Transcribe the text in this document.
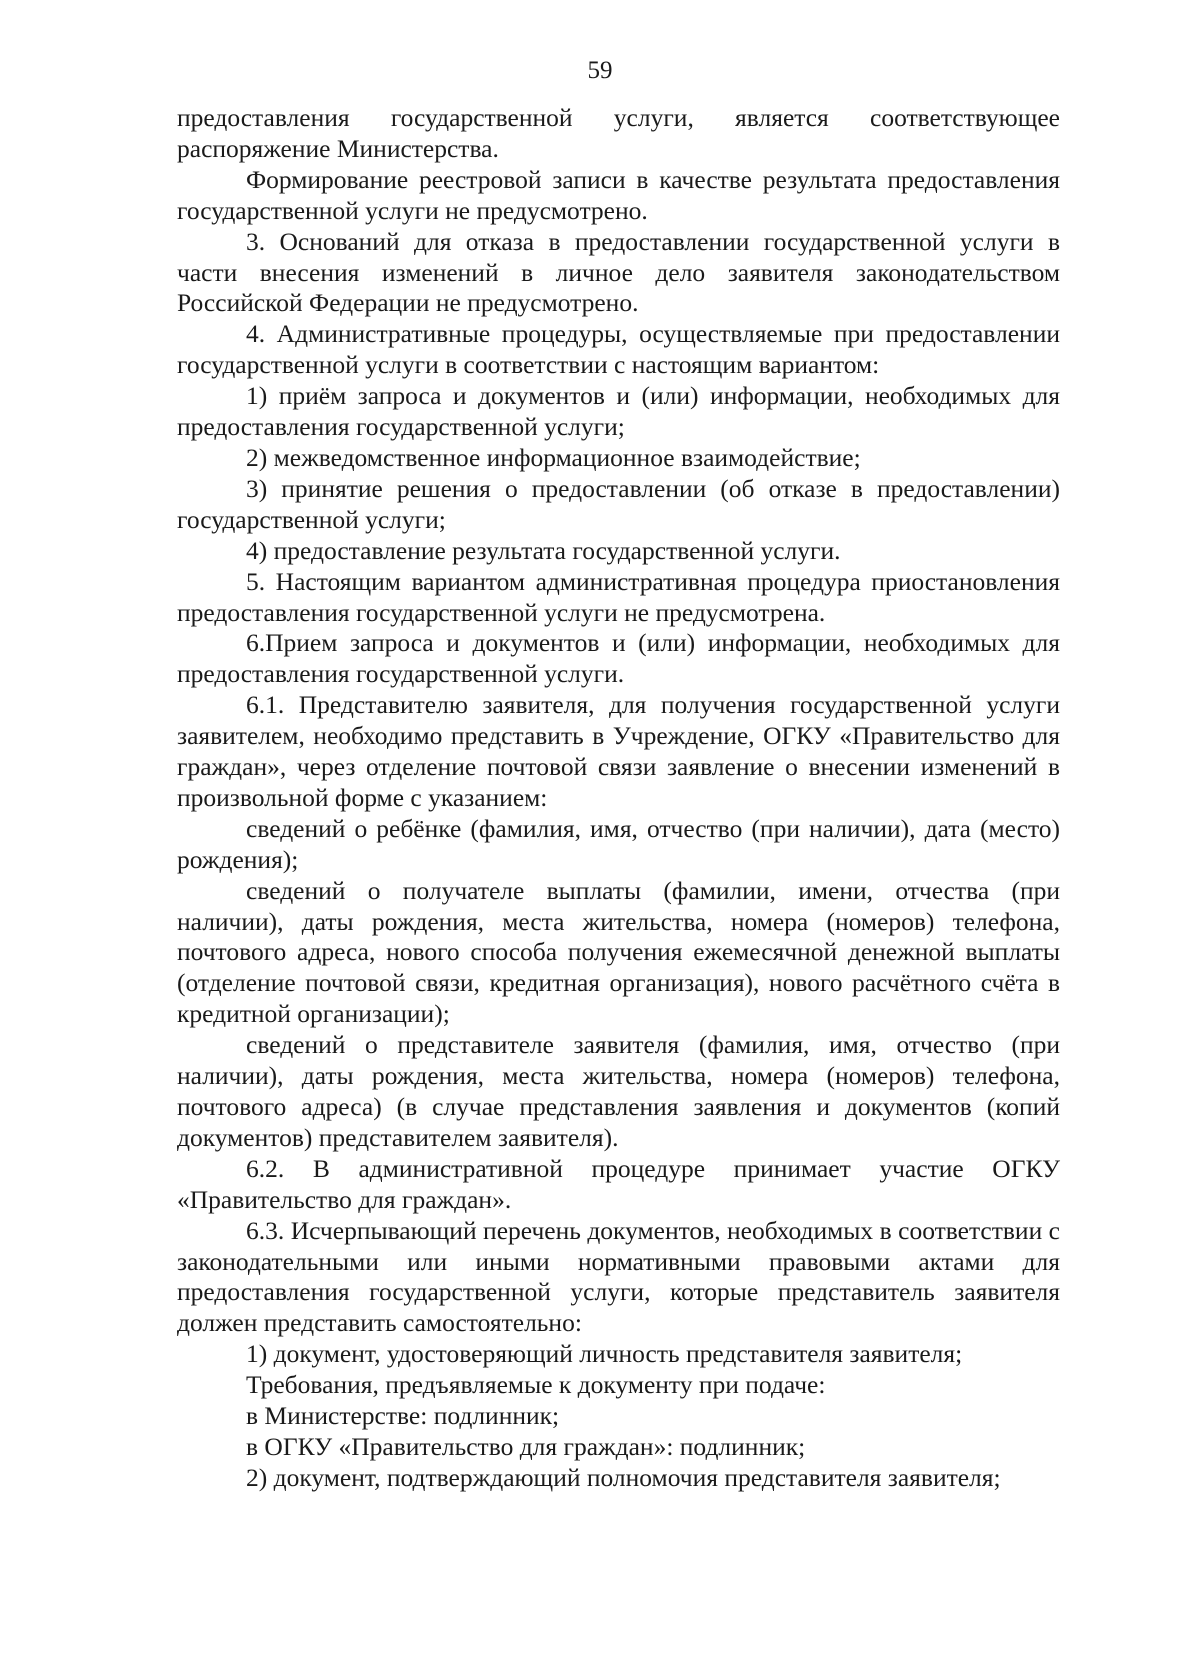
59

предоставления государственной услуги, является соответствующее распоряжение Министерства.

Формирование реестровой записи в качестве результата предоставления государственной услуги не предусмотрено.

3. Оснований для отказа в предоставлении государственной услуги в части внесения изменений в личное дело заявителя законодательством Российской Федерации не предусмотрено.

4. Административные процедуры, осуществляемые при предоставлении государственной услуги в соответствии с настоящим вариантом:

1) приём запроса и документов и (или) информации, необходимых для предоставления государственной услуги;

2) межведомственное информационное взаимодействие;

3) принятие решения о предоставлении (об отказе в предоставлении) государственной услуги;

4) предоставление результата государственной услуги.

5. Настоящим вариантом административная процедура приостановления предоставления государственной услуги не предусмотрена.

6.Прием запроса и документов и (или) информации, необходимых для предоставления государственной услуги.

6.1. Представителю заявителя, для получения государственной услуги заявителем, необходимо представить в Учреждение, ОГКУ «Правительство для граждан», через отделение почтовой связи заявление о внесении изменений в произвольной форме с указанием:

сведений о ребёнке (фамилия, имя, отчество (при наличии), дата (место) рождения);

сведений о получателе выплаты (фамилии, имени, отчества (при наличии), даты рождения, места жительства, номера (номеров) телефона, почтового адреса, нового способа получения ежемесячной денежной выплаты (отделение почтовой связи, кредитная организация), нового расчётного счёта в кредитной организации);

сведений о представителе заявителя (фамилия, имя, отчество (при наличии), даты рождения, места жительства, номера (номеров) телефона, почтового адреса) (в случае представления заявления и документов (копий документов) представителем заявителя).

6.2. В административной процедуре принимает участие ОГКУ «Правительство для граждан».

6.3. Исчерпывающий перечень документов, необходимых в соответствии с законодательными или иными нормативными правовыми актами для предоставления государственной услуги, которые представитель заявителя должен представить самостоятельно:

1) документ, удостоверяющий личность представителя заявителя;

Требования, предъявляемые к документу при подаче:

в Министерстве: подлинник;

в ОГКУ «Правительство для граждан»: подлинник;

2) документ, подтверждающий полномочия представителя заявителя;
